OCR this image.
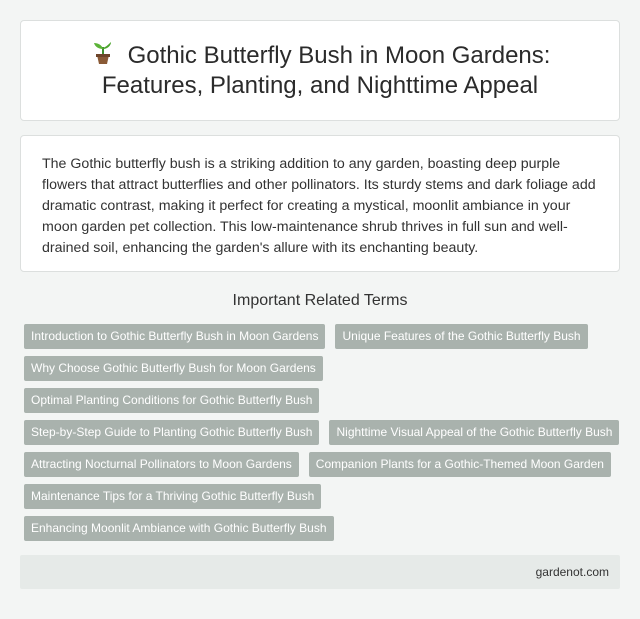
Gothic Butterfly Bush in Moon Gardens: Features, Planting, and Nighttime Appeal

The Gothic butterfly bush is a striking addition to any garden, boasting deep purple flowers that attract butterflies and other pollinators. Its sturdy stems and dark foliage add dramatic contrast, making it perfect for creating a mystical, moonlit ambiance in your moon garden pet collection. This low-maintenance shrub thrives in full sun and well-drained soil, enhancing the garden's allure with its enchanting beauty.

Important Related Terms
Introduction to Gothic Butterfly Bush in Moon Gardens	Unique Features of the Gothic Butterfly Bush
Why Choose Gothic Butterfly Bush for Moon Gardens
Optimal Planting Conditions for Gothic Butterfly Bush
Step-by-Step Guide to Planting Gothic Butterfly Bush	Nighttime Visual Appeal of the Gothic Butterfly Bush
Attracting Nocturnal Pollinators to Moon Gardens	Companion Plants for a Gothic-Themed Moon Garden
Maintenance Tips for a Thriving Gothic Butterfly Bush
Enhancing Moonlit Ambiance with Gothic Butterfly Bush
gardenot.com
